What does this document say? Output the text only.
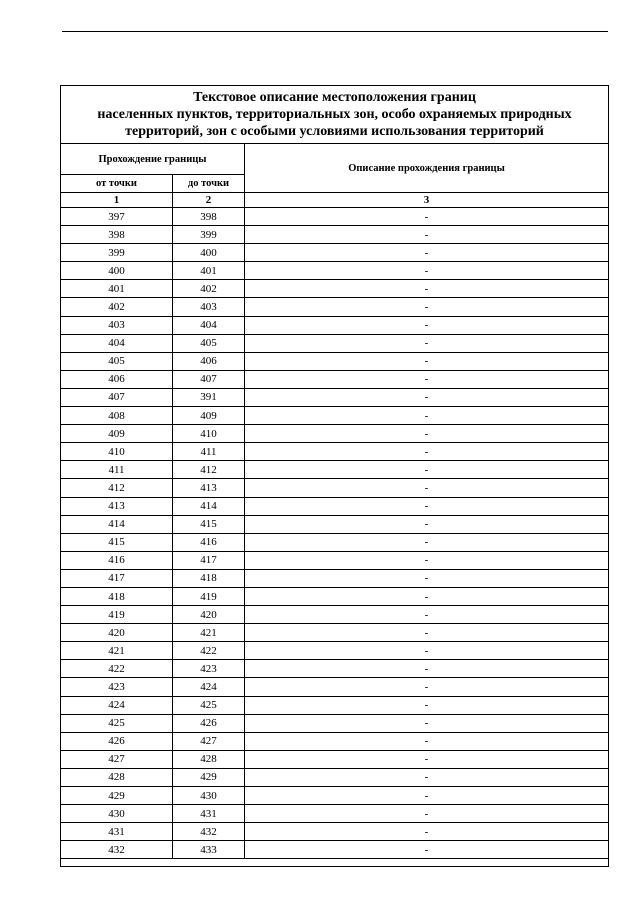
Текстовое описание местоположения границ
населенных пунктов, территориальных зон, особо охраняемых природных
территорий, зон с особыми условиями использования территорий		

Прохождение границы		Описание прохождения границы
от точки	до точки	
1	2	3
397	398	-
398	399	-
399	400	-
400	401	-
401	402	-
402	403	-
403	404	-
404	405	-
405	406	-
406	407	-
407	391	-
408	409	-
409	410	-
410	411	-
411	412	-
412	413	-
413	414	-
414	415	-
415	416	-
416	417	-
417	418	-
418	419	-
419	420	-
420	421	-
421	422	-
422	423	-
423	424	-
424	425	-
425	426	-
426	427	-
427	428	-
428	429	-
429	430	-
430	431	-
431	432	-
432	433	-
